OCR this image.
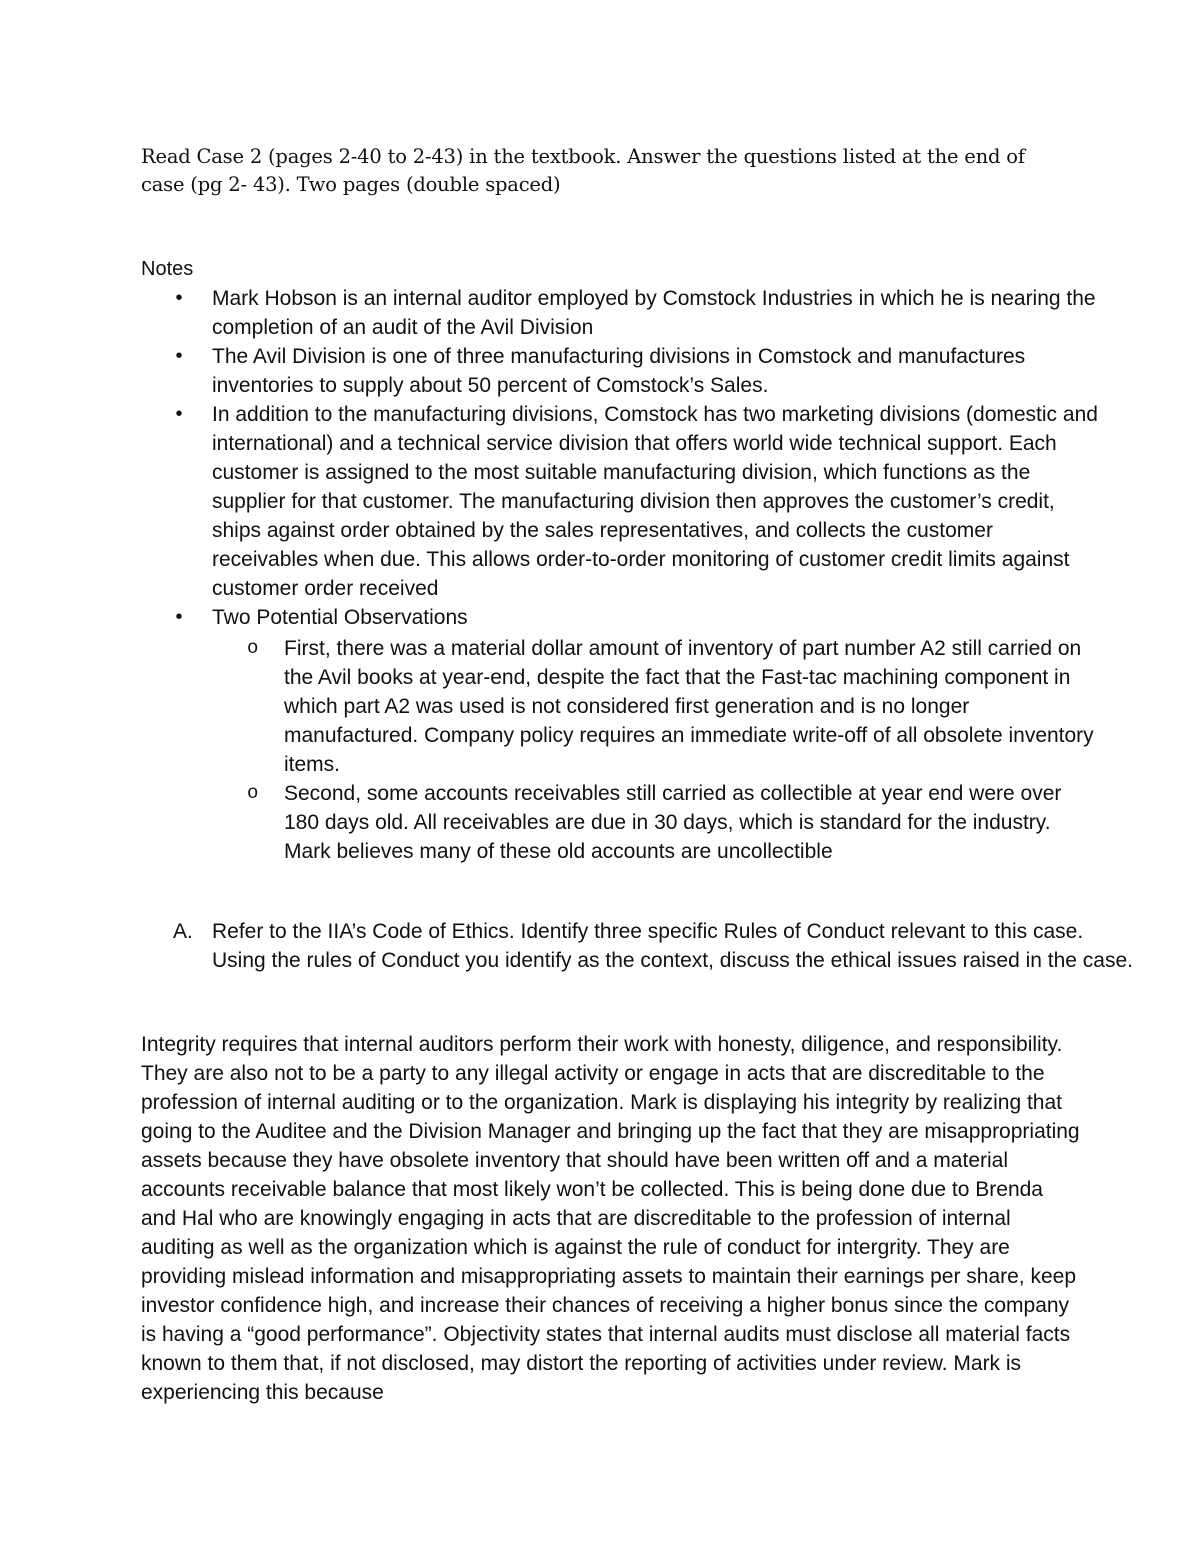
Read Case 2 (pages 2-40 to 2-43) in the textbook. Answer the questions listed at the end of case (pg 2- 43). Two pages (double spaced)

Notes

• Mark Hobson is an internal auditor employed by Comstock Industries in which he is nearing the completion of an audit of the Avil Division
• The Avil Division is one of three manufacturing divisions in Comstock and manufactures inventories to supply about 50 percent of Comstock’s Sales.
• In addition to the manufacturing divisions, Comstock has two marketing divisions (domestic and international) and a technical service division that offers world wide technical support. Each customer is assigned to the most suitable manufacturing division, which functions as the supplier for that customer. The manufacturing division then approves the customer’s credit, ships against order obtained by the sales representatives, and collects the customer receivables when due. This allows order-to-order monitoring of customer credit limits against customer order received
• Two Potential Observations
o First, there was a material dollar amount of inventory of part number A2 still carried on the Avil books at year-end, despite the fact that the Fast-tac machining component in which part A2 was used is not considered first generation and is no longer manufactured. Company policy requires an immediate write-off of all obsolete inventory items.
o Second, some accounts receivables still carried as collectible at year end were over 180 days old. All receivables are due in 30 days, which is standard for the industry. Mark believes many of these old accounts are uncollectible
A. Refer to the IIA’s Code of Ethics. Identify three specific Rules of Conduct relevant to this case. Using the rules of Conduct you identify as the context, discuss the ethical issues raised in the case.

Integrity requires that internal auditors perform their work with honesty, diligence, and responsibility. They are also not to be a party to any illegal activity or engage in acts that are discreditable to the profession of internal auditing or to the organization. Mark is displaying his integrity by realizing that going to the Auditee and the Division Manager and bringing up the fact that they are misappropriating assets because they have obsolete inventory that should have been written off and a material accounts receivable balance that most likely won’t be collected. This is being done due to Brenda and Hal who are knowingly engaging in acts that are discreditable to the profession of internal auditing as well as the organization which is against the rule of conduct for intergrity. They are providing mislead information and misappropriating assets to maintain their earnings per share, keep investor confidence high, and increase their chances of receiving a higher bonus since the company is having a “good performance”. Objectivity states that internal audits must disclose all material facts known to them that, if not disclosed, may distort the reporting of activities under review. Mark is experiencing this because
